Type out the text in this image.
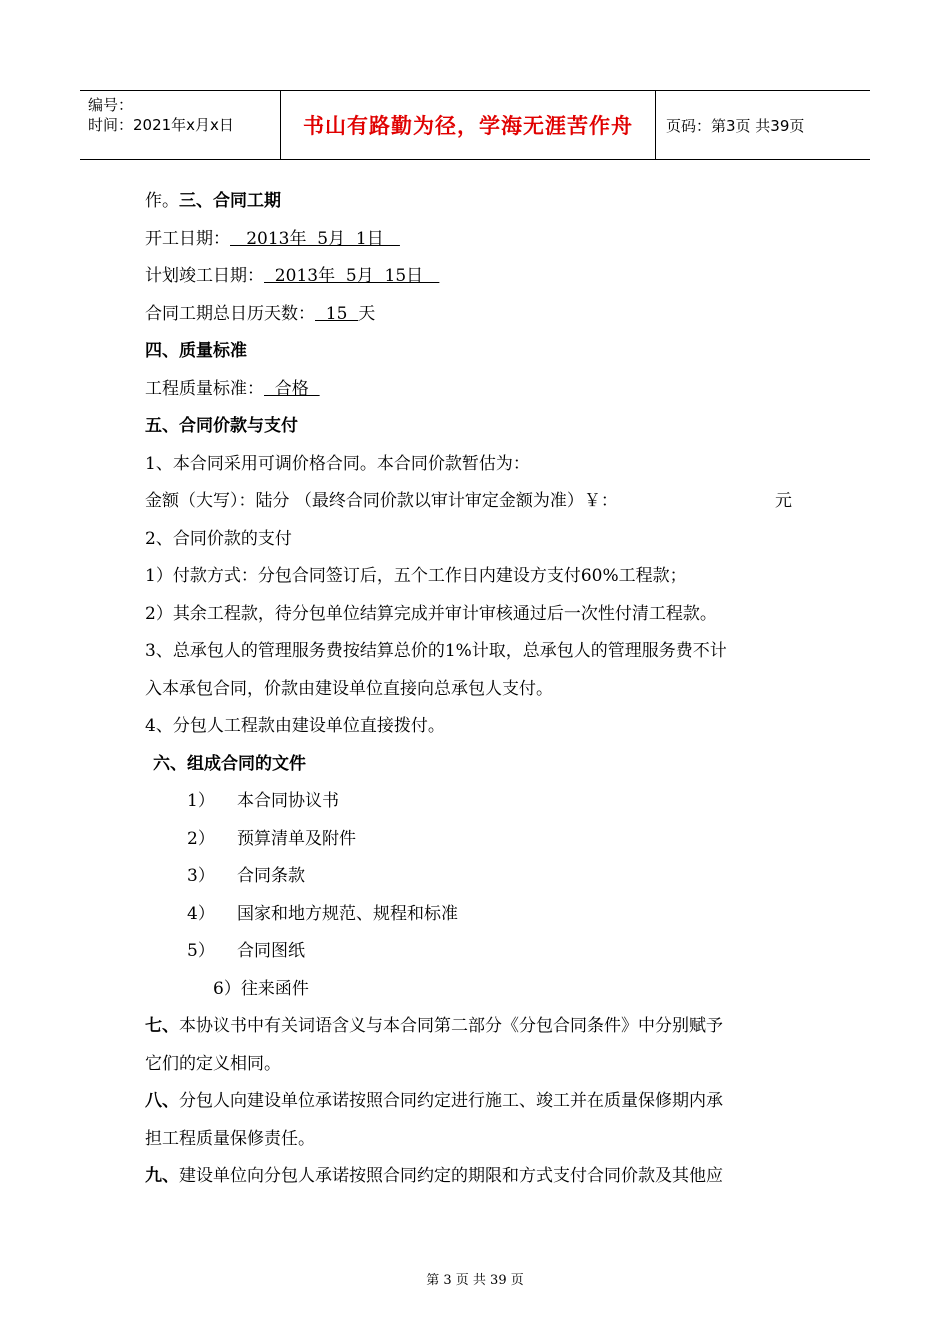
编号：
时间：2021年x月x日	书山有路勤为径，学海无涯苦作舟	页码：第3页 共39页
作。三、合同工期
开工日期：   2013年  5月  1日
计划竣工日期：  2013年  5月  15日
合同工期总日历天数：  15  天
四、质量标准
工程质量标准：  合格
五、合同价款与支付
1、本合同采用可调价格合同。本合同价款暂估为：
金额（大写）：陆分 （最终合同价款以审计审定金额为准）￥：	元
2、合同价款的支付
1）付款方式：分包合同签订后，五个工作日内建设方支付60%工程款；
2）其余工程款，待分包单位结算完成并审计审核通过后一次性付清工程款。
3、总承包人的管理服务费按结算总价的1%计取，总承包人的管理服务费不计
入本承包合同，价款由建设单位直接向总承包人支付。
4、分包人工程款由建设单位直接拨付。
六、组成合同的文件
1） 本合同协议书
2） 预算清单及附件
3） 合同条款
4） 国家和地方规范、规程和标准
5） 合同图纸
6）往来函件
七、本协议书中有关词语含义与本合同第二部分《分包合同条件》中分别赋予
它们的定义相同。
八、分包人向建设单位承诺按照合同约定进行施工、竣工并在质量保修期内承
担工程质量保修责任。
九、建设单位向分包人承诺按照合同约定的期限和方式支付合同价款及其他应
第 3 页 共 39 页
